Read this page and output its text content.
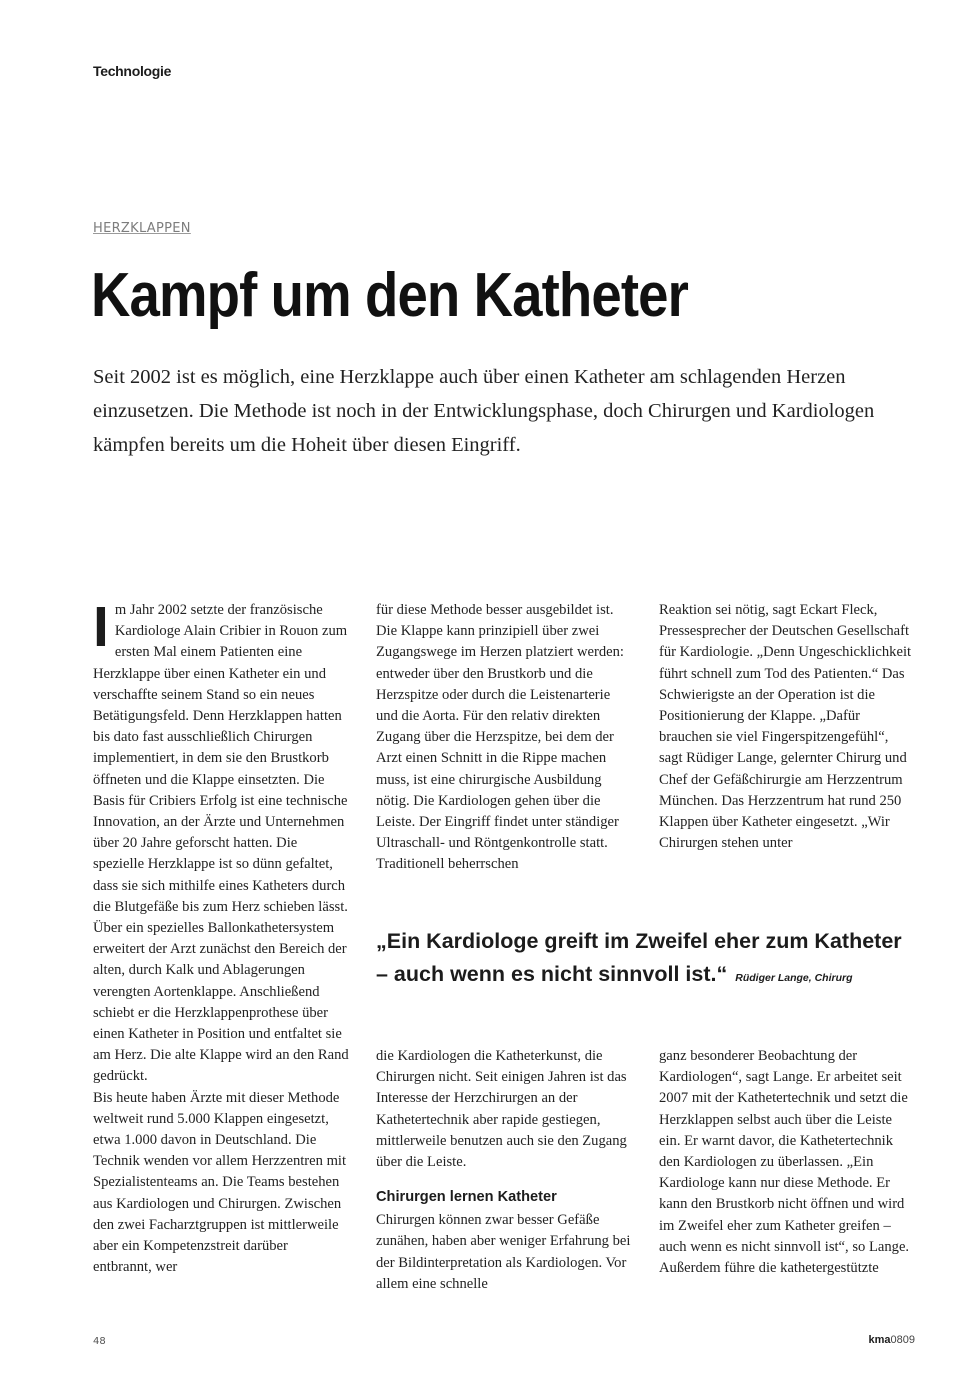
Technologie
HERZKLAPPEN
Kampf um den Katheter

Seit 2002 ist es möglich, eine Herzklappe auch über einen Katheter am schlagenden Herzen einzusetzen. Die Methode ist noch in der Entwicklungsphase, doch Chirurgen und Kardiologen kämpfen bereits um die Hoheit über diesen Eingriff.

Im Jahr 2002 setzte der französische Kardiologe Alain Cribier in Rouon zum ersten Mal einem Patienten eine Herzklappe über einen Katheter ein und verschaffte seinem Stand so ein neues Betätigungsfeld. Denn Herzklappen hatten bis dato fast ausschließlich Chirurgen implementiert, in dem sie den Brustkorb öffneten und die Klappe einsetzten. Die Basis für Cribiers Erfolg ist eine technische Innovation, an der Ärzte und Unternehmen über 20 Jahre geforscht hatten. Die spezielle Herzklappe ist so dünn gefaltet, dass sie sich mithilfe eines Katheters durch die Blutgefäße bis zum Herz schieben lässt. Über ein spezielles Ballonkathetersystem erweitert der Arzt zunächst den Bereich der alten, durch Kalk und Ablagerungen verengten Aortenklappe. Anschließend schiebt er die Herzklappenprothese über einen Katheter in Position und entfaltet sie am Herz. Die alte Klappe wird an den Rand gedrückt.

Bis heute haben Ärzte mit dieser Methode weltweit rund 5.000 Klappen eingesetzt, etwa 1.000 davon in Deutschland. Die Technik wenden vor allem Herzzentren mit Spezialistenteams an. Die Teams bestehen aus Kardiologen und Chirurgen. Zwischen den zwei Facharztgruppen ist mittlerweile aber ein Kompetenzstreit darüber entbrannt, wer

für diese Methode besser ausgebildet ist. Die Klappe kann prinzipiell über zwei Zugangswege im Herzen platziert werden: entweder über den Brustkorb und die Herzspitze oder durch die Leistenarterie und die Aorta. Für den relativ direkten Zugang über die Herzspitze, bei dem der Arzt einen Schnitt in die Rippe machen muss, ist eine chirurgische Ausbildung nötig. Die Kardiologen gehen über die Leiste. Der Eingriff findet unter ständiger Ultraschall- und Röntgenkontrolle statt. Traditionell beherrschen

Reaktion sei nötig, sagt Eckart Fleck, Pressesprecher der Deutschen Gesellschaft für Kardiologie. „Denn Ungeschicklichkeit führt schnell zum Tod des Patienten.“ Das Schwierigste an der Operation ist die Positionierung der Klappe. „Dafür brauchen sie viel Fingerspitzengefühl“, sagt Rüdiger Lange, gelernter Chirurg und Chef der Gefäßchirurgie am Herzzentrum München. Das Herzzentrum hat rund 250 Klappen über Katheter eingesetzt. „Wir Chirurgen stehen unter

„Ein Kardiologe greift im Zweifel eher zum Katheter – auch wenn es nicht sinnvoll ist.“ Rüdiger Lange, Chirurg

die Kardiologen die Katheterkunst, die Chirurgen nicht. Seit einigen Jahren ist das Interesse der Herzchirurgen an der Kathetertechnik aber rapide gestiegen, mittlerweile benutzen auch sie den Zugang über die Leiste.

Chirurgen lernen Katheter

Chirurgen können zwar besser Gefäße zunähen, haben aber weniger Erfahrung bei der Bildinterpretation als Kardiologen. Vor allem eine schnelle

ganz besonderer Beobachtung der Kardiologen“, sagt Lange. Er arbeitet seit 2007 mit der Kathetertechnik und setzt die Herzklappen selbst auch über die Leiste ein. Er warnt davor, die Kathetertechnik den Kardiologen zu überlassen. „Ein Kardiologe kann nur diese Methode. Er kann den Brustkorb nicht öffnen und wird im Zweifel eher zum Katheter greifen – auch wenn es nicht sinnvoll ist“, so Lange. Außerdem führe die kathetergestützte

48	kma0809
